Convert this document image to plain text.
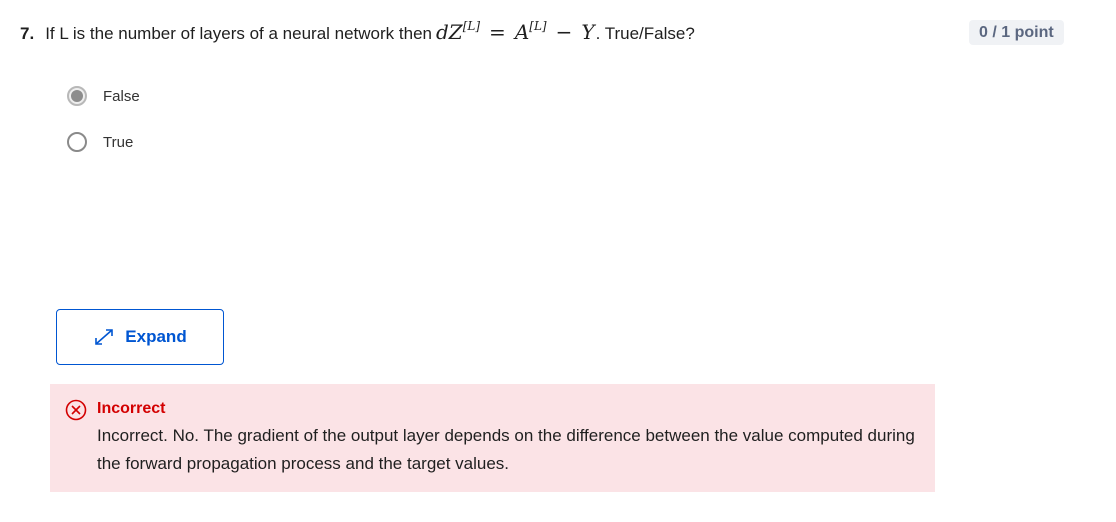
7. If L is the number of layers of a neural network then dZ[L] = A[L] − Y . True/False?	0 / 1 point
False
True
Expand
Incorrect
Incorrect. No. The gradient of the output layer depends on the difference between the value computed during the forward propagation process and the target values.
